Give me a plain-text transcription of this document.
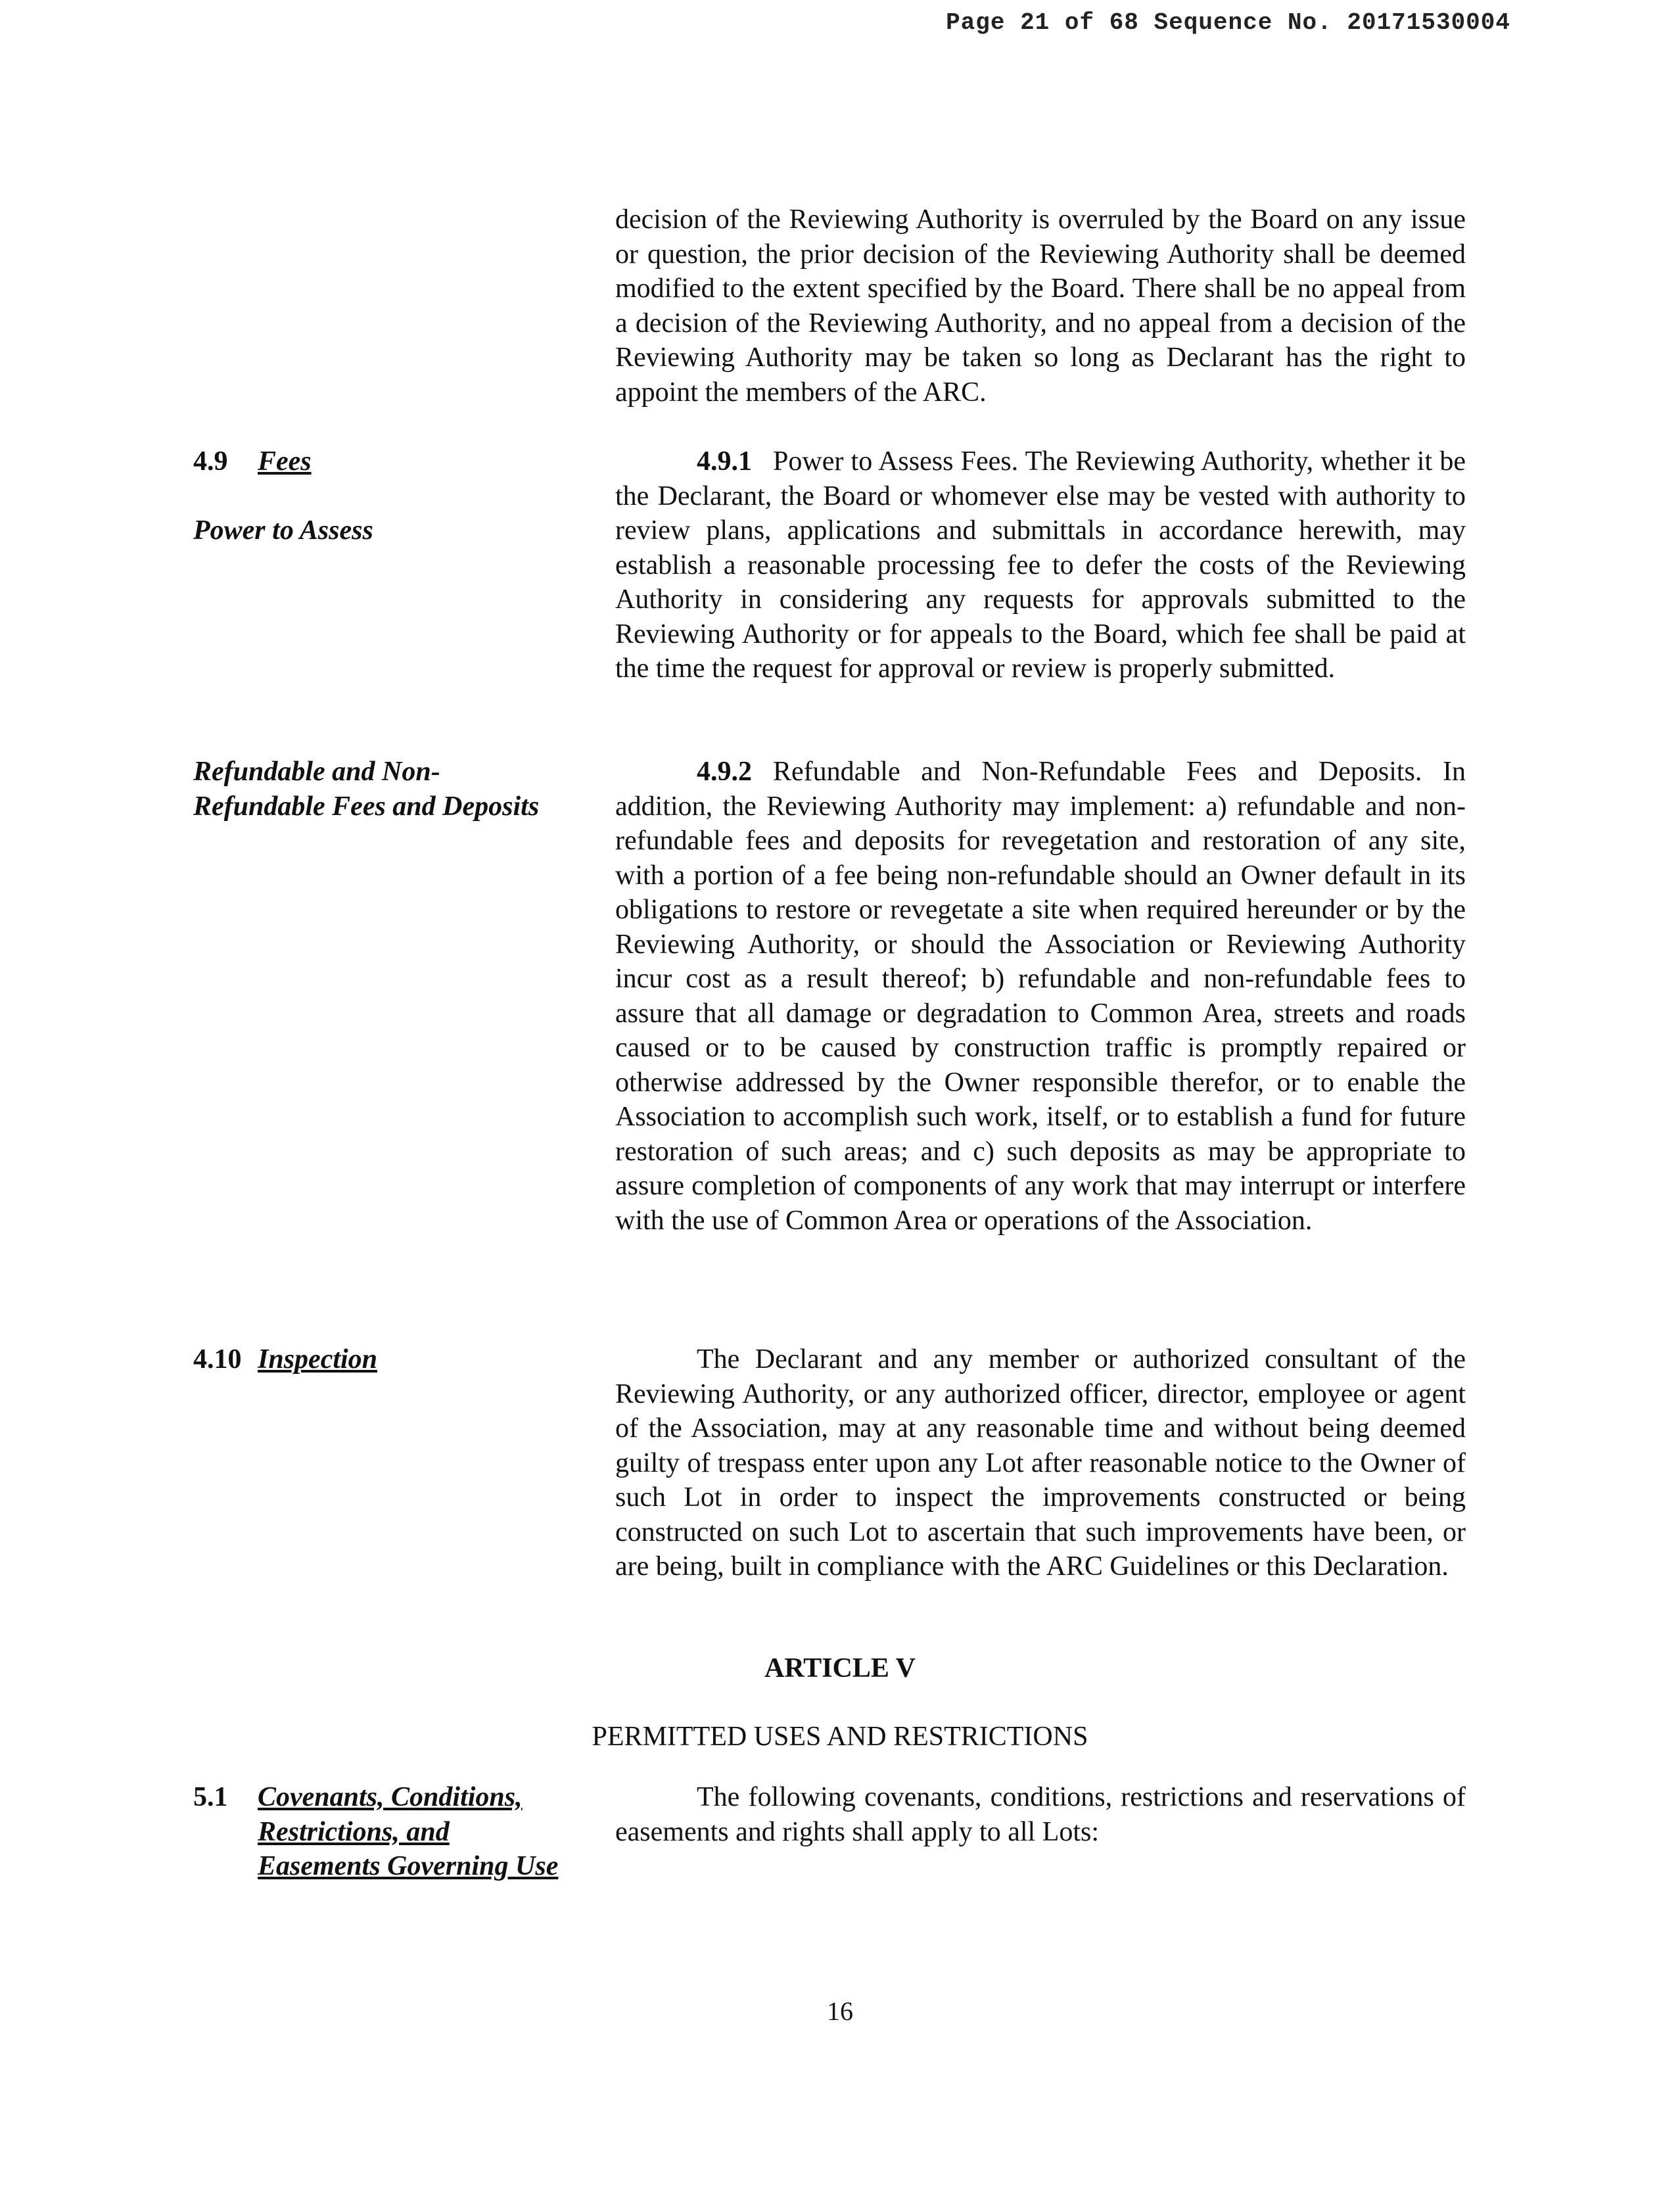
Page 21 of 68 Sequence No. 20171530004
decision of the Reviewing Authority is overruled by the Board on any issue or question, the prior decision of the Reviewing Authority shall be deemed modified to the extent specified by the Board. There shall be no appeal from a decision of the Reviewing Authority, and no appeal from a decision of the Reviewing Authority may be taken so long as Declarant has the right to appoint the members of the ARC.
4.9 Fees
Power to Assess
4.9.1 Power to Assess Fees. The Reviewing Authority, whether it be the Declarant, the Board or whomever else may be vested with authority to review plans, applications and submittals in accordance herewith, may establish a reasonable processing fee to defer the costs of the Reviewing Authority in considering any requests for approvals submitted to the Reviewing Authority or for appeals to the Board, which fee shall be paid at the time the request for approval or review is properly submitted.
Refundable and Non-
Refundable Fees and Deposits
4.9.2 Refundable and Non-Refundable Fees and Deposits. In addition, the Reviewing Authority may implement: a) refundable and non-refundable fees and deposits for revegetation and restoration of any site, with a portion of a fee being non-refundable should an Owner default in its obligations to restore or revegetate a site when required hereunder or by the Reviewing Authority, or should the Association or Reviewing Authority incur cost as a result thereof; b) refundable and non-refundable fees to assure that all damage or degradation to Common Area, streets and roads caused or to be caused by construction traffic is promptly repaired or otherwise addressed by the Owner responsible therefor, or to enable the Association to accomplish such work, itself, or to establish a fund for future restoration of such areas; and c) such deposits as may be appropriate to assure completion of components of any work that may interrupt or interfere with the use of Common Area or operations of the Association.
4.10 Inspection	The Declarant and any member or authorized consultant of the Reviewing Authority, or any authorized officer, director, employee or agent of the Association, may at any reasonable time and without being deemed guilty of trespass enter upon any Lot after reasonable notice to the Owner of such Lot in order to inspect the improvements constructed or being constructed on such Lot to ascertain that such improvements have been, or are being, built in compliance with the ARC Guidelines or this Declaration.
ARTICLE V
PERMITTED USES AND RESTRICTIONS
5.1 Covenants, Conditions,
Restrictions, and
Easements Governing Use
The following covenants, conditions, restrictions and reservations of easements and rights shall apply to all Lots:
16
